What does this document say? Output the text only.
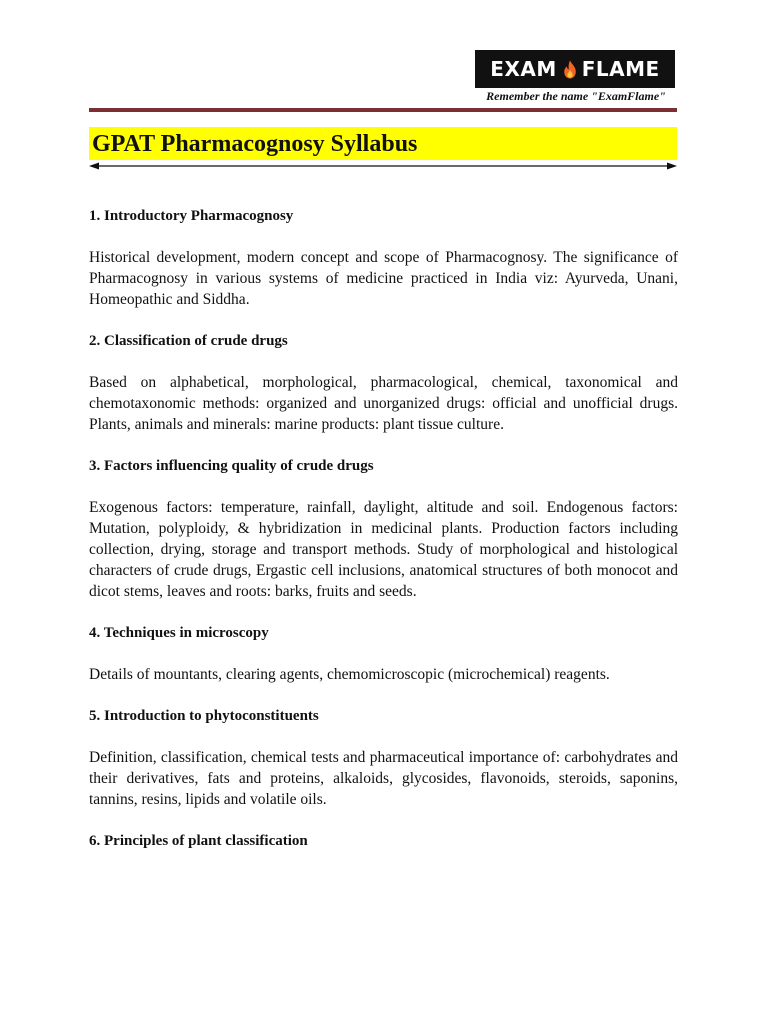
EXAM FLAME
Remember the name "ExamFlame"
GPAT Pharmacognosy Syllabus
1. Introductory Pharmacognosy

Historical development, modern concept and scope of Pharmacognosy. The significance of Pharmacognosy in various systems of medicine practiced in India viz: Ayurveda, Unani, Homeopathic and Siddha.

2. Classification of crude drugs

Based on alphabetical, morphological, pharmacological, chemical, taxonomical and chemotaxonomic methods: organized and unorganized drugs: official and unofficial drugs. Plants, animals and minerals: marine products: plant tissue culture.

3. Factors influencing quality of crude drugs

Exogenous factors: temperature, rainfall, daylight, altitude and soil. Endogenous factors: Mutation, polyploidy, & hybridization in medicinal plants. Production factors including collection, drying, storage and transport methods. Study of morphological and histological characters of crude drugs, Ergastic cell inclusions, anatomical structures of both monocot and dicot stems, leaves and roots: barks, fruits and seeds.

4. Techniques in microscopy

Details of mountants, clearing agents, chemomicroscopic (microchemical) reagents.

5. Introduction to phytoconstituents

Definition, classification, chemical tests and pharmaceutical importance of: carbohydrates and their derivatives, fats and proteins, alkaloids, glycosides, flavonoids, steroids, saponins, tannins, resins, lipids and volatile oils.

6. Principles of plant classification
